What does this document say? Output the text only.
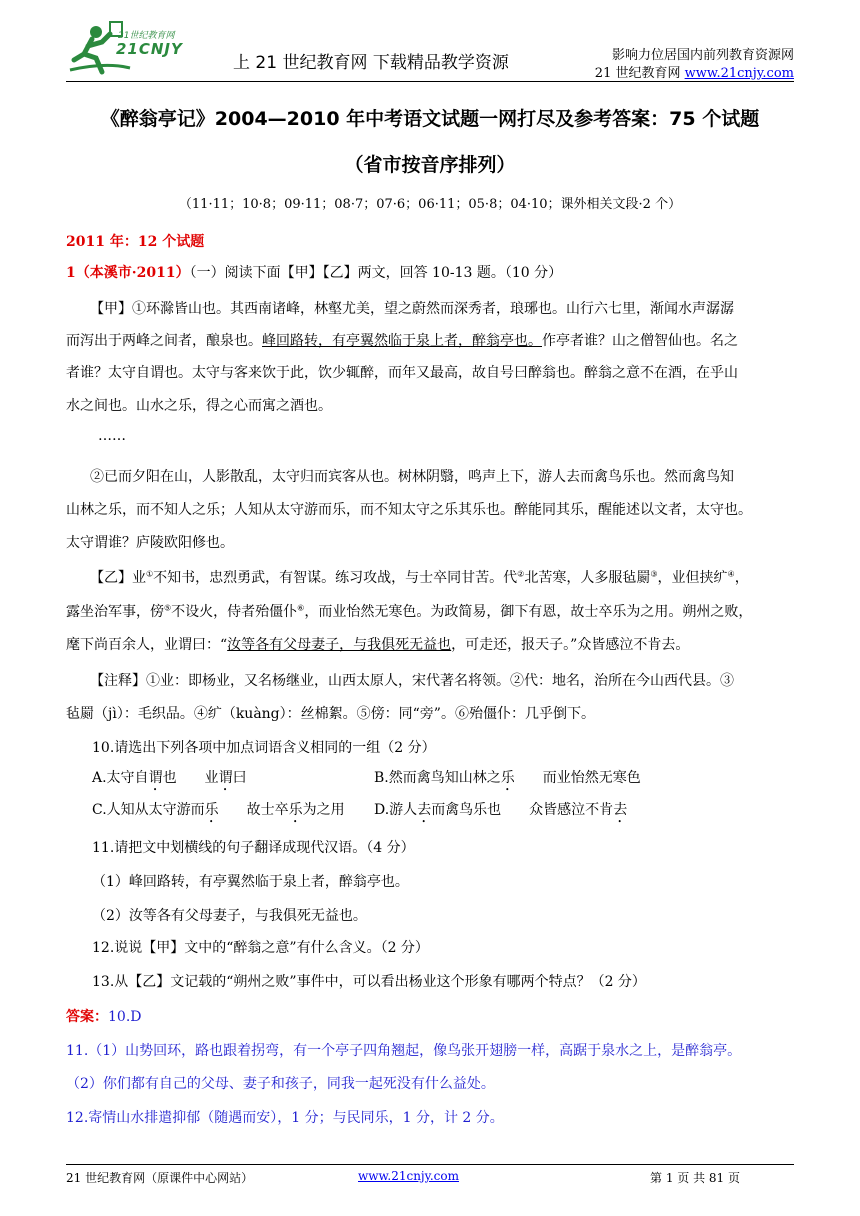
21世纪教育网
21CNJY
上 21 世纪教育网 下载精品教学资源	影响力位居国内前列教育资源网
21 世纪教育网 www.21cnjy.com
《醉翁亭记》2004—2010 年中考语文试题一网打尽及参考答案：75 个试题
（省市按音序排列）
（11·11；10·8；09·11；08·7；07·6；06·11；05·8；04·10；课外相关文段·2 个）
2011 年：12 个试题
1（本溪市·2011）（一）阅读下面【甲】【乙】两文，回答 10-13 题。（10 分）
【甲】①环滁皆山也。其西南诸峰，林壑尤美，望之蔚然而深秀者，琅琊也。山行六七里，渐闻水声潺潺
而泻出于两峰之间者，酿泉也。峰回路转，有亭翼然临于泉上者，醉翁亭也。作亭者谁？山之僧智仙也。名之
者谁？太守自谓也。太守与客来饮于此，饮少辄醉，而年又最高，故自号曰醉翁也。醉翁之意不在酒，在乎山
水之间也。山水之乐，得之心而寓之酒也。
……
②已而夕阳在山，人影散乱，太守归而宾客从也。树林阴翳，鸣声上下，游人去而禽鸟乐也。然而禽鸟知
山林之乐，而不知人之乐；人知从太守游而乐，而不知太守之乐其乐也。醉能同其乐，醒能述以文者，太守也。
太守谓谁？庐陵欧阳修也。
【乙】业①不知书，忠烈勇武，有智谋。练习攻战，与士卒同甘苦。代②北苦寒，人多服毡罽③，业但挟纩④，
露坐治军事，傍⑤不设火，侍者殆僵仆⑥，而业怡然无寒色。为政简易，御下有恩，故士卒乐为之用。朔州之败，
麾下尚百余人，业谓曰：“汝等各有父母妻子，与我俱死无益也，可走还，报天子。”众皆感泣不肯去。
【注释】①业：即杨业，又名杨继业，山西太原人，宋代著名将领。②代：地名，治所在今山西代县。③
毡罽（jì）：毛织品。④纩（kuàng）：丝棉絮。⑤傍：同“旁”。⑥殆僵仆：几乎倒下。
10.请选出下列各项中加点词语含义相同的一组（2 分）
A.太守自谓也　　业谓曰	B.然而禽鸟知山林之乐　　而业怡然无寒色
C.人知从太守游而乐　　故士卒乐为之用 D.游人去而禽鸟乐也　　众皆感泣不肯去
11.请把文中划横线的句子翻译成现代汉语。（4 分）
（1）峰回路转，有亭翼然临于泉上者，醉翁亭也。
（2）汝等各有父母妻子，与我俱死无益也。
12.说说【甲】文中的“醉翁之意”有什么含义。（2 分）
13.从【乙】文记载的“朔州之败”事件中，可以看出杨业这个形象有哪两个特点？（2 分）
答案：10.D
11.（1）山势回环，路也跟着拐弯，有一个亭子四角翘起，像鸟张开翅膀一样，高踞于泉水之上，是醉翁亭。
（2）你们都有自己的父母、妻子和孩子，同我一起死没有什么益处。
12.寄情山水排遣抑郁（随遇而安），1 分；与民同乐，1 分，计 2 分。
21 世纪教育网（原课件中心网站）	www.21cnjy.com	第 1 页 共 81 页
